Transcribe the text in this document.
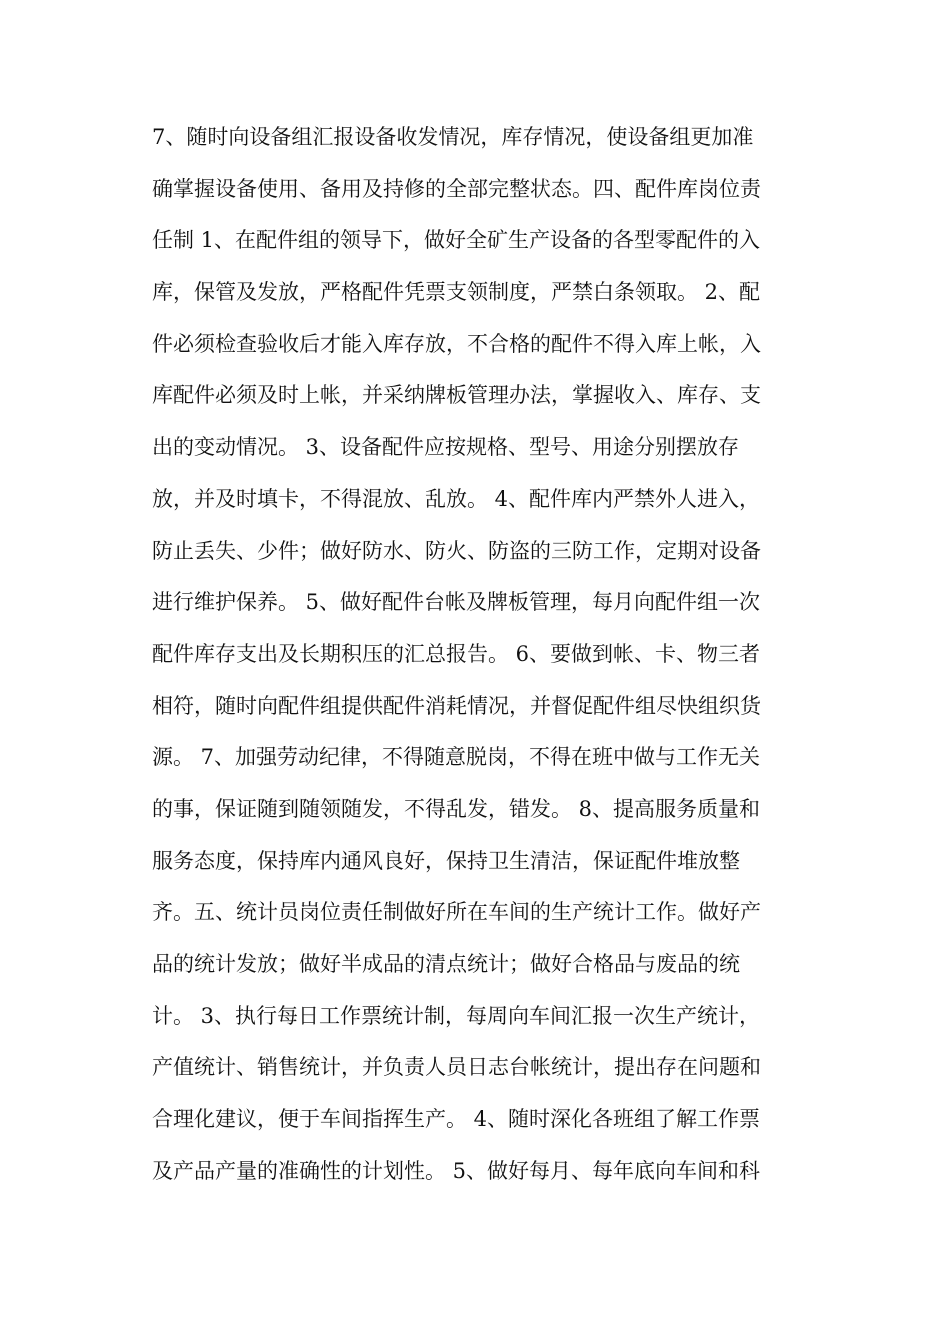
7、随时向设备组汇报设备收发情况，库存情况，使设备组更加准
确掌握设备使用、备用及持修的全部完整状态。四、配件库岗位责
任制 1、在配件组的领导下，做好全矿生产设备的各型零配件的入
库，保管及发放，严格配件凭票支领制度，严禁白条领取。 2、配
件必须检查验收后才能入库存放，不合格的配件不得入库上帐，入
库配件必须及时上帐，并采纳牌板管理办法，掌握收入、库存、支
出的变动情况。 3、设备配件应按规格、型号、用途分别摆放存
放，并及时填卡，不得混放、乱放。 4、配件库内严禁外人进入，
防止丢失、少件；做好防水、防火、防盗的三防工作，定期对设备
进行维护保养。 5、做好配件台帐及牌板管理，每月向配件组一次
配件库存支出及长期积压的汇总报告。 6、要做到帐、卡、物三者
相符，随时向配件组提供配件消耗情况，并督促配件组尽快组织货
源。 7、加强劳动纪律，不得随意脱岗，不得在班中做与工作无关
的事，保证随到随领随发，不得乱发，错发。 8、提高服务质量和
服务态度，保持库内通风良好，保持卫生清洁，保证配件堆放整
齐。五、统计员岗位责任制做好所在车间的生产统计工作。做好产
品的统计发放；做好半成品的清点统计；做好合格品与废品的统
计。 3、执行每日工作票统计制，每周向车间汇报一次生产统计，
产值统计、销售统计，并负责人员日志台帐统计，提出存在问题和
合理化建议，便于车间指挥生产。 4、随时深化各班组了解工作票
及产品产量的准确性的计划性。 5、做好每月、每年底向车间和科
